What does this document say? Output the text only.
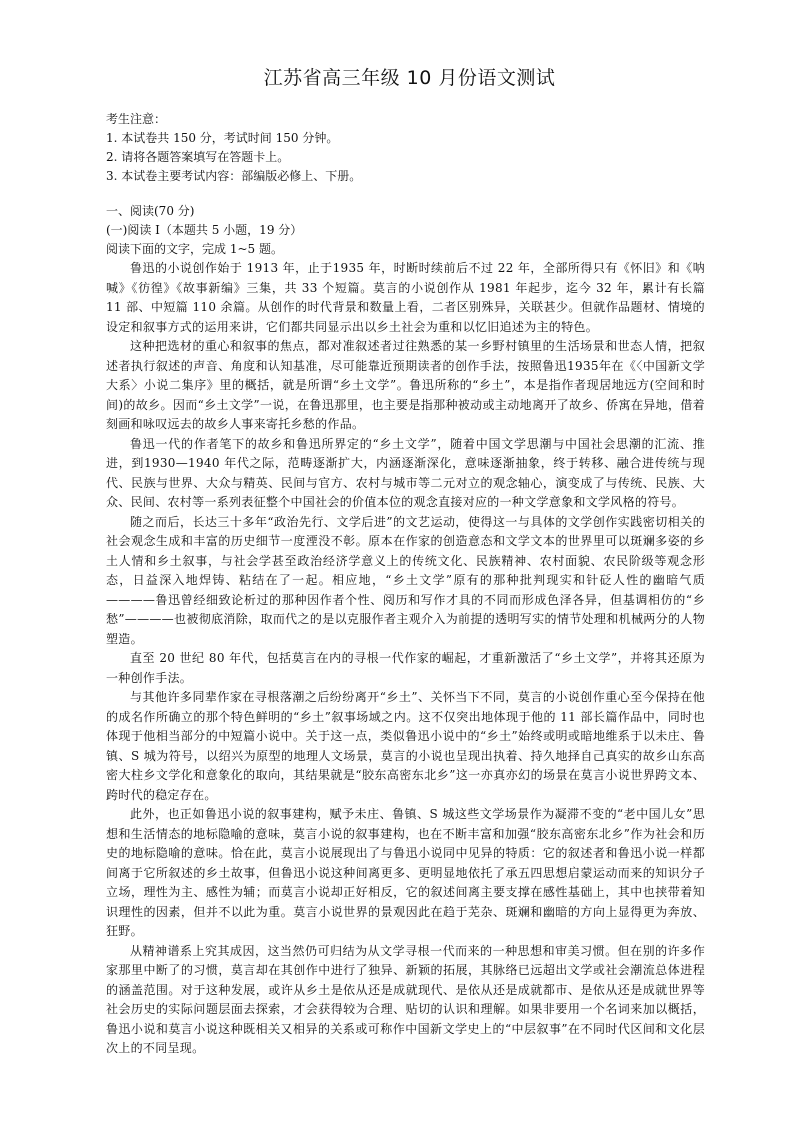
江苏省高三年级 10 月份语文测试
考生注意：
1. 本试卷共 150 分，考试时间 150 分钟。
2. 请将各题答案填写在答题卡上。
3. 本试卷主要考试内容：部编版必修上、下册。
一、阅读(70 分)
(一)阅读 I（本题共 5 小题，19 分）
阅读下面的文字，完成 1~5 题。

鲁迅的小说创作始于 1913 年，止于1935 年，时断时续前后不过 22 年，全部所得只有《怀旧》和《呐喊》《彷徨》《故事新编》三集，共 33 个短篇。莫言的小说创作从 1981 年起步，迄今 32 年，累计有长篇 11 部、中短篇 110 余篇。从创作的时代背景和数量上看，二者区别殊异，关联甚少。但就作品题材、情境的设定和叙事方式的运用来讲，它们都共同显示出以乡土社会为重和以忆旧追述为主的特色。

这种把选材的重心和叙事的焦点，都对准叙述者过往熟悉的某一乡野村镇里的生活场景和世态人情，把叙述者执行叙述的声音、角度和认知基准，尽可能靠近预期读者的创作手法，按照鲁迅1935年在《〈中国新文学大系〉小说二集序》里的概括，就是所谓“乡土文学”。鲁迅所称的“乡土”，本是指作者现居地远方(空间和时间)的故乡。因而“乡土文学”一说，在鲁迅那里，也主要是指那种被动或主动地离开了故乡、侨寓在异地，借着刻画和咏叹远去的故乡人事来寄托乡愁的作品。

鲁迅一代的作者笔下的故乡和鲁迅所界定的“乡土文学”，随着中国文学思潮与中国社会思潮的汇流、推进，到1930—1940 年代之际，范畴逐渐扩大，内涵逐渐深化，意味逐渐抽象，终于转移、融合进传统与现代、民族与世界、大众与精英、民间与官方、农村与城市等二元对立的观念轴心，演变成了与传统、民族、大众、民间、农村等一系列表征整个中国社会的价值本位的观念直接对应的一种文学意象和文学风格的符号。

随之而后，长达三十多年“政治先行、文学后进”的文艺运动，使得这一与具体的文学创作实践密切相关的社会观念生成和丰富的历史细节一度湮没不彰。原本在作家的创造意态和文学文本的世界里可以斑斓多姿的乡土人情和乡土叙事，与社会学甚至政治经济学意义上的传统文化、民族精神、农村面貌、农民阶级等观念形态，日益深入地焊铸、粘结在了一起。相应地，“乡土文学”原有的那种批判现实和针砭人性的幽暗气质————鲁迅曾经细致论析过的那种因作者个性、阅历和写作才具的不同而形成色泽各异，但基调相仿的“乡愁”————也被彻底消除，取而代之的是以克服作者主观介入为前提的透明写实的情节处理和机械两分的人物塑造。

直至 20 世纪 80 年代，包括莫言在内的寻根一代作家的崛起，才重新激活了“乡土文学”，并将其还原为一种创作手法。

与其他许多同辈作家在寻根落潮之后纷纷离开“乡土”、关怀当下不同，莫言的小说创作重心至今保持在他的成名作所确立的那个特色鲜明的“乡土”叙事场域之内。这不仅突出地体现于他的 11 部长篇作品中，同时也体现于他相当部分的中短篇小说中。关于这一点，类似鲁迅小说中的“乡土”始终或明或暗地维系于以未庄、鲁镇、S 城为符号，以绍兴为原型的地理人文场景，莫言的小说也呈现出执着、持久地择自己真实的故乡山东高密大柱乡文学化和意象化的取向，其结果就是“胶东高密东北乡”这一亦真亦幻的场景在莫言小说世界跨文本、跨时代的稳定存在。

此外，也正如鲁迅小说的叙事建构，赋予未庄、鲁镇、S 城这些文学场景作为凝滞不变的“老中国儿女”思想和生活情态的地标隐喻的意味，莫言小说的叙事建构，也在不断丰富和加强“胶东高密东北乡”作为社会和历史的地标隐喻的意味。恰在此，莫言小说展现出了与鲁迅小说同中见异的特质：它的叙述者和鲁迅小说一样都间离于它所叙述的乡土故事，但鲁迅小说这种间离更多、更明显地依托了承五四思想启蒙运动而来的知识分子立场，理性为主、感性为辅；而莫言小说却正好相反，它的叙述间离主要支撑在感性基础上，其中也挟带着知识理性的因素，但并不以此为重。莫言小说世界的景观因此在趋于芜杂、斑斓和幽暗的方向上显得更为奔放、狂野。

从精神谱系上究其成因，这当然仍可归结为从文学寻根一代而来的一种思想和审美习惯。但在别的许多作家那里中断了的习惯，莫言却在其创作中进行了独异、新颖的拓展，其脉络已远超出文学或社会潮流总体进程的涵盖范围。对于这种发展，或许从乡土是依从还是成就现代、是依从还是成就都市、是依从还是成就世界等社会历史的实际问题层面去探索，才会获得较为合理、贴切的认识和理解。如果非要用一个名词来加以概括，鲁迅小说和莫言小说这种既相关又相异的关系或可称作中国新文学史上的“中层叙事”在不同时代区间和文化层次上的不同呈现。
